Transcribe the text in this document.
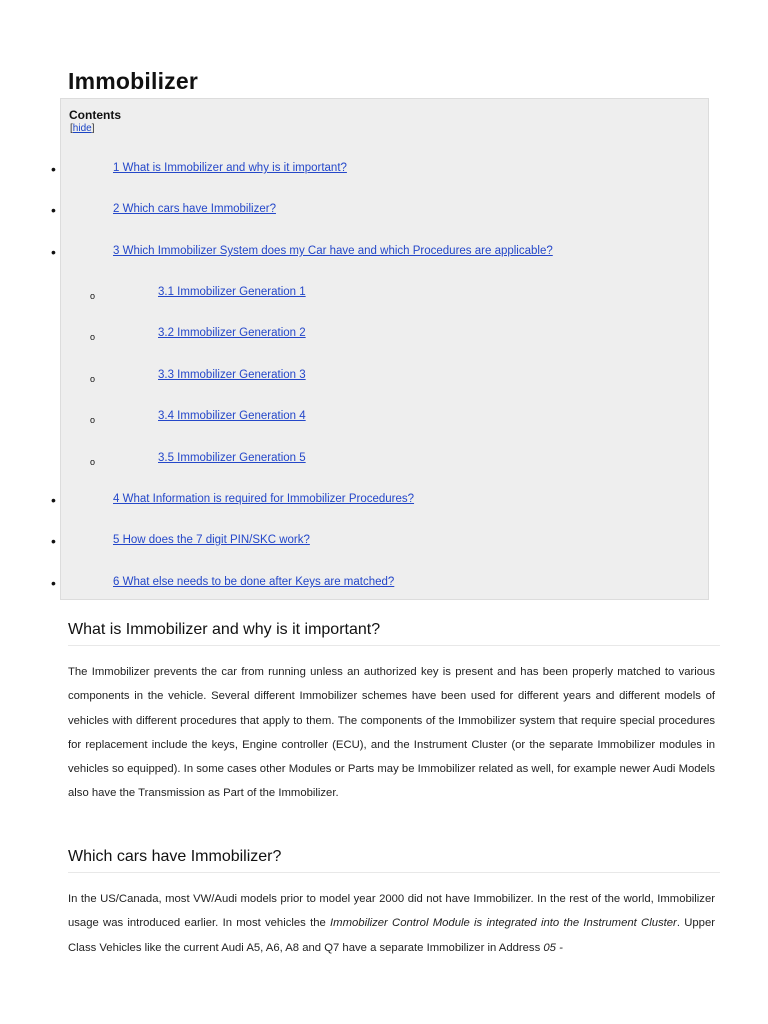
Immobilizer
Contents
[hide]
•	1 What is Immobilizer and why is it important?
•	2 Which cars have Immobilizer?
•	3 Which Immobilizer System does my Car have and which Procedures are applicable?
o	3.1 Immobilizer Generation 1
o	3.2 Immobilizer Generation 2
o	3.3 Immobilizer Generation 3
o	3.4 Immobilizer Generation 4
o	3.5 Immobilizer Generation 5
•	4 What Information is required for Immobilizer Procedures?
•	5 How does the 7 digit PIN/SKC work?
•	6 What else needs to be done after Keys are matched?
What is Immobilizer and why is it important?

The Immobilizer prevents the car from running unless an authorized key is present and has been properly matched to various components in the vehicle. Several different Immobilizer schemes have been used for different years and different models of vehicles with different procedures that apply to them. The components of the Immobilizer system that require special procedures for replacement include the keys, Engine controller (ECU), and the Instrument Cluster (or the separate Immobilizer modules in vehicles so equipped). In some cases other Modules or Parts may be Immobilizer related as well, for example newer Audi Models also have the Transmission as Part of the Immobilizer.

Which cars have Immobilizer?

In the US/Canada, most VW/Audi models prior to model year 2000 did not have Immobilizer. In the rest of the world, Immobilizer usage was introduced earlier. In most vehicles the Immobilizer Control Module is integrated into the Instrument Cluster. Upper Class Vehicles like the current Audi A5, A6, A8 and Q7 have a separate Immobilizer in Address 05 -
